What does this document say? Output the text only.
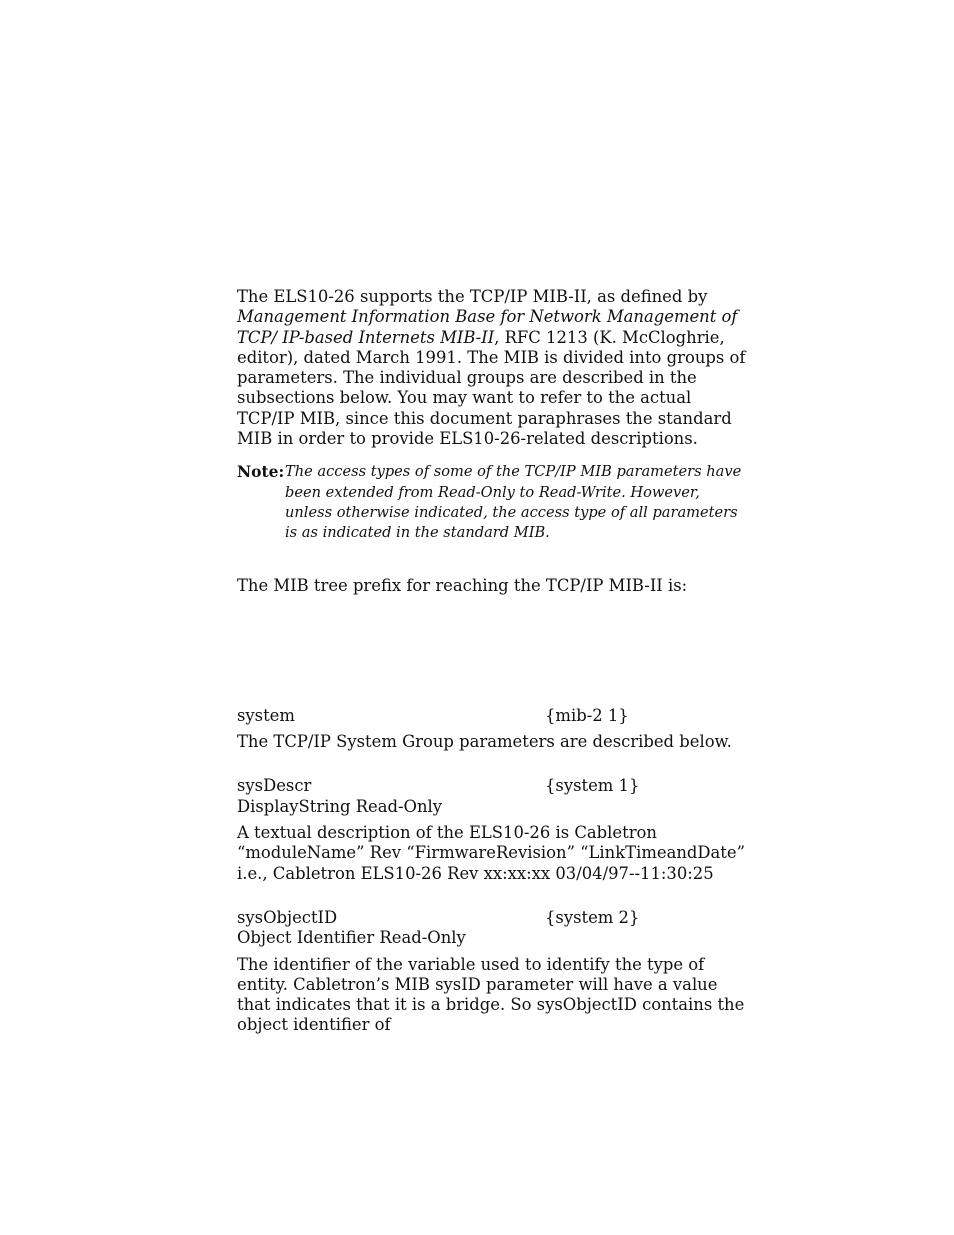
The ELS10-26 supports the TCP/IP MIB-II, as defined by Management Information Base for Network Management of TCP/ IP-based Internets MIB-II, RFC 1213 (K. McCloghrie, editor), dated March 1991. The MIB is divided into groups of parameters. The individual groups are described in the subsections below. You may want to refer to the actual TCP/IP MIB, since this document paraphrases the standard MIB in order to provide ELS10-26-related descriptions.

Note: The access types of some of the TCP/IP MIB parameters have been extended from Read-Only to Read-Write. However, unless otherwise indicated, the access type of all parameters is as indicated in the standard MIB.

The MIB tree prefix for reaching the TCP/IP MIB-II is:

system	{mib-2 1}

The TCP/IP System Group parameters are described below.

sysDescr	{system 1}
DisplayString Read-Only

A textual description of the ELS10-26 is Cabletron “moduleName” Rev “FirmwareRevision” “LinkTimeandDate” i.e., Cabletron ELS10-26 Rev xx:xx:xx 03/04/97--11:30:25

sysObjectID	{system 2}
Object Identifier Read-Only

The identifier of the variable used to identify the type of entity. Cabletron’s MIB sysID parameter will have a value that indicates that it is a bridge. So sysObjectID contains the object identifier of
